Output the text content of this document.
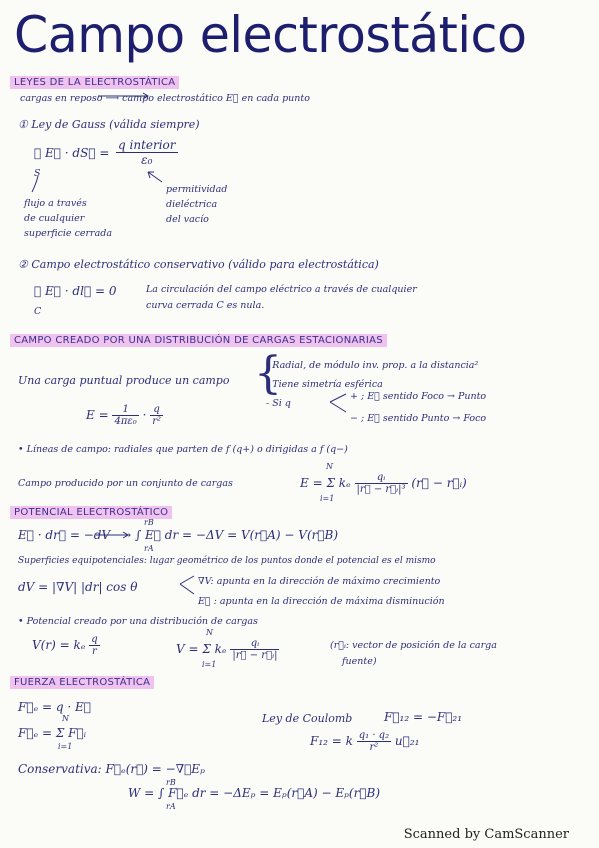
Campo electrostático
LEYES DE LA ELECTROSTÁTICA
cargas en reposo ⟶ campo electrostático E⃗ en cada punto
① Ley de Gauss (válida siempre)
∮ E⃗ · dS⃗ = $\frac{\text{q interior}}{\text{ε₀}}$
S
flujo a través
de cualquier
superficie cerrada
permitividad
dieléctrica
del vacío
② Campo electrostático conservativo (válido para electrostática)
∮ E⃗ · dl⃗ = 0
C
La circulación del campo eléctrico a través de cualquier
curva cerrada C es nula.
CAMPO CREADO POR UNA DISTRIBUCIÓN DE CARGAS ESTACIONARIAS
Una carga puntual produce un campo {
- Radial, de módulo inv. prop. a la distancia²
- Tiene simetría esférica
- Si q
+ ; E⃗ sentido Foco → Punto
− ; E⃗ sentido Punto → Foco
$E = \frac{1}{\text{4πε₀}} \cdot \frac{q}{\text{r²}}$
• Líneas de campo: radiales que parten de f (q+) o dirigidas a f (q−)
Campo producido por un conjunto de cargas	E = Σ kₑ $\frac{\text{qᵢ}}{\text{|r⃗ − r⃗ᵢ|³}}$ (r⃗ − r⃗ᵢ)
N
i=1
POTENCIAL ELECTROSTÁTICO
E⃗ · dr⃗ = −dV ⟶ ∫ E⃗ dr = −ΔV = V(r⃗A) − V(r⃗B)
rB
rA
Superficies equipotenciales: lugar geométrico de los puntos donde el potencial es el mismo
dV = |∇V| |dr| cos θ	∇V: apunta en la dirección de máximo crecimiento
E⃗ : apunta en la dirección de máxima disminución
• Potencial creado por una distribución de cargas
V(r) = kₑ $\frac{q}{r}$	V = Σ kₑ $\frac{\text{qᵢ}}{\text{|r⃗ − r⃗ᵢ|}}$
N
i=1
(r⃗ᵢ: vector de posición de la carga
fuente)
FUERZA ELECTROSTÁTICA
F⃗ₑ = q · E⃗
F⃗ₑ = Σ F⃗ᵢ
N
i=1
Ley de Coulomb	F⃗₁₂ = −F⃗₂₁
F₁₂ = k $\frac{\text{q₁ · q₂}}{\text{r²}}$ u⃗₂₁
Conservativa: F⃗ₑ(r⃗) = −∇⃗Eₚ
W = ∫ F⃗ₑ dr = −ΔEₚ = Eₚ(r⃗A) − Eₚ(r⃗B)
rB
rA
Scanned by CamScanner
